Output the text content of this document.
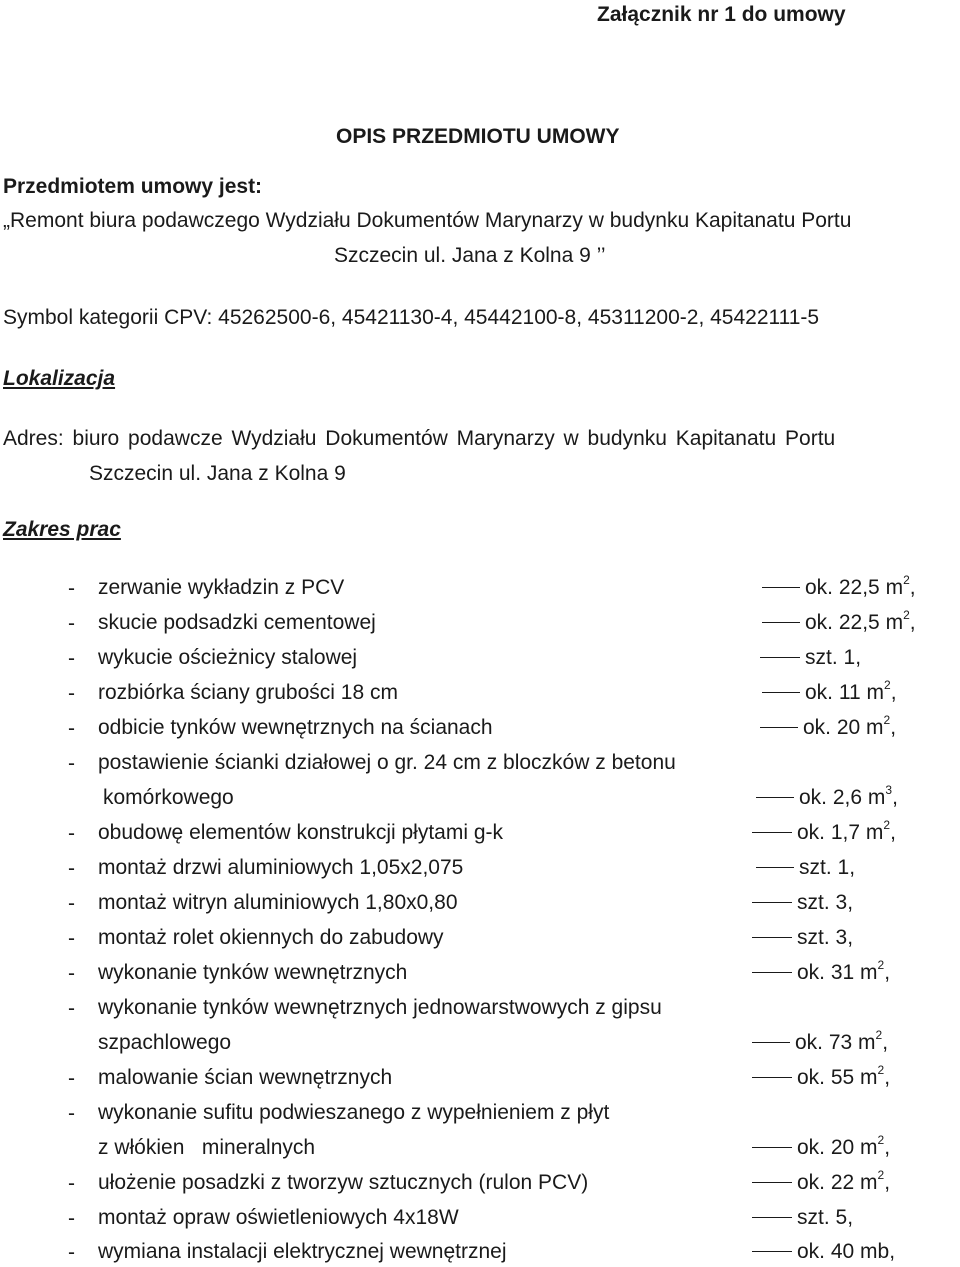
Załącznik nr 1 do umowy
OPIS PRZEDMIOTU UMOWY
Przedmiotem umowy jest:
„Remont biura podawczego Wydziału Dokumentów Marynarzy w budynku Kapitanatu Portu
Szczecin ul. Jana z Kolna 9 ’’
Symbol kategorii CPV: 45262500-6, 45421130-4, 45442100-8, 45311200-2, 45422111-5
Lokalizacja
Adres: biuro podawcze Wydziału Dokumentów Marynarzy w budynku Kapitanatu Portu
Szczecin ul. Jana z Kolna 9
Zakres prac
- zerwanie wykładzin z PCV	ok. 22,5 $m^2$,
- skucie podsadzki cementowej	ok. 22,5 $m^2$,
- wykucie ościeżnicy stalowej	szt. 1,
- rozbiórka ściany grubości 18 cm	ok. 11 $m^2$,
- odbicie tynków wewnętrznych na ścianach	ok. 20 $m^2$,
- postawienie ścianki działowej o gr. 24 cm z bloczków z betonu
komórkowego	ok. 2,6 $m^3$,
- obudowę elementów konstrukcji płytami g-k	ok. 1,7 $m^2$,
- montaż drzwi aluminiowych 1,05x2,075	szt. 1,
- montaż witryn aluminiowych 1,80x0,80	szt. 3,
- montaż rolet okiennych do zabudowy	szt. 3,
- wykonanie tynków wewnętrznych	ok. 31 $m^2$,
- wykonanie tynków wewnętrznych jednowarstwowych z gipsu
szpachlowego	ok. 73 $m^2$,
- malowanie ścian wewnętrznych	ok. 55 $m^2$,
- wykonanie sufitu podwieszanego z wypełnieniem z płyt
z włókien   mineralnych	ok. 20 $m^2$,
- ułożenie posadzki z tworzyw sztucznych (rulon PCV)	ok. 22 $m^2$,
- montaż opraw oświetleniowych 4x18W	szt. 5,
- wymiana instalacji elektrycznej wewnętrznej	ok. 40 mb,
